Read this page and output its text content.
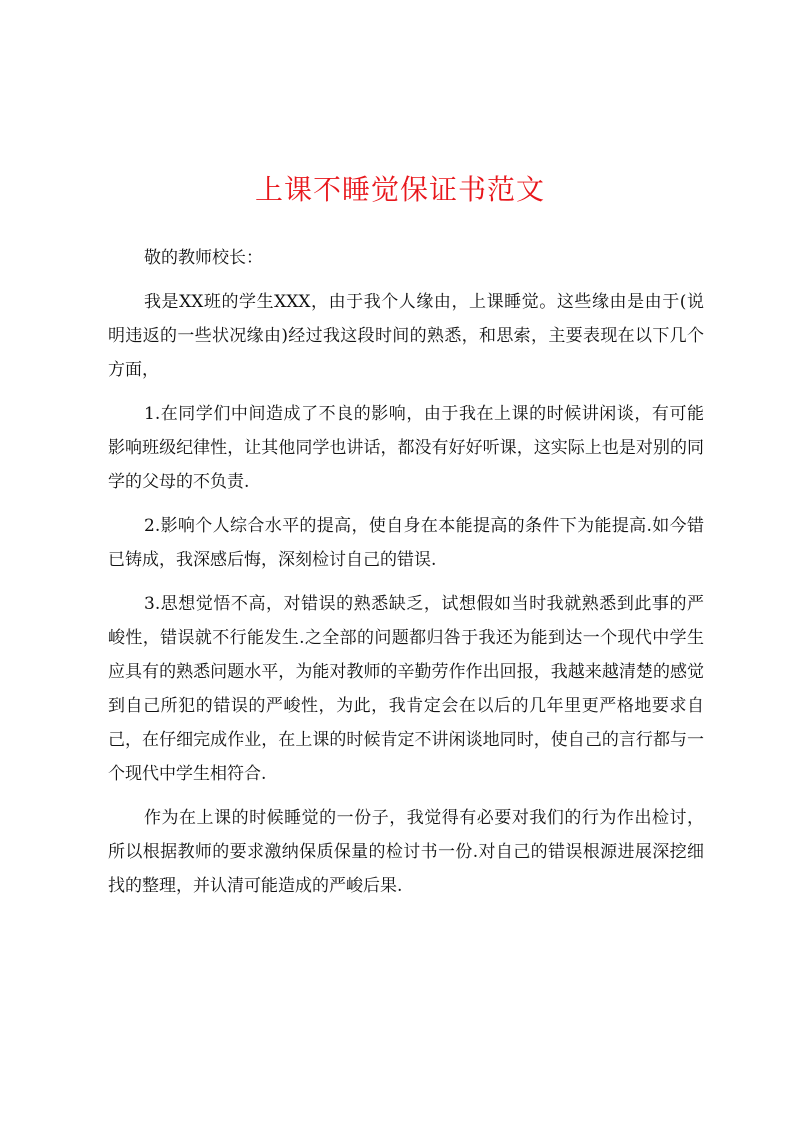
上课不睡觉保证书范文

敬的教师校长：

我是XX班的学生XXX，由于我个人缘由，上课睡觉。这些缘由是由于(说明违返的一些状况缘由)经过我这段时间的熟悉，和思索，主要表现在以下几个方面，

1.在同学们中间造成了不良的影响，由于我在上课的时候讲闲谈，有可能影响班级纪律性，让其他同学也讲话，都没有好好听课，这实际上也是对别的同学的父母的不负责.

2.影响个人综合水平的提高，使自身在本能提高的条件下为能提高.如今错已铸成，我深感后悔，深刻检讨自己的错误.

3.思想觉悟不高，对错误的熟悉缺乏，试想假如当时我就熟悉到此事的严峻性，错误就不行能发生.之全部的问题都归咎于我还为能到达一个现代中学生应具有的熟悉问题水平，为能对教师的辛勤劳作作出回报，我越来越清楚的感觉到自己所犯的错误的严峻性，为此，我肯定会在以后的几年里更严格地要求自己，在仔细完成作业，在上课的时候肯定不讲闲谈地同时，使自己的言行都与一个现代中学生相符合.

作为在上课的时候睡觉的一份子，我觉得有必要对我们的行为作出检讨，所以根据教师的要求激纳保质保量的检讨书一份.对自己的错误根源进展深挖细找的整理，并认清可能造成的严峻后果.
